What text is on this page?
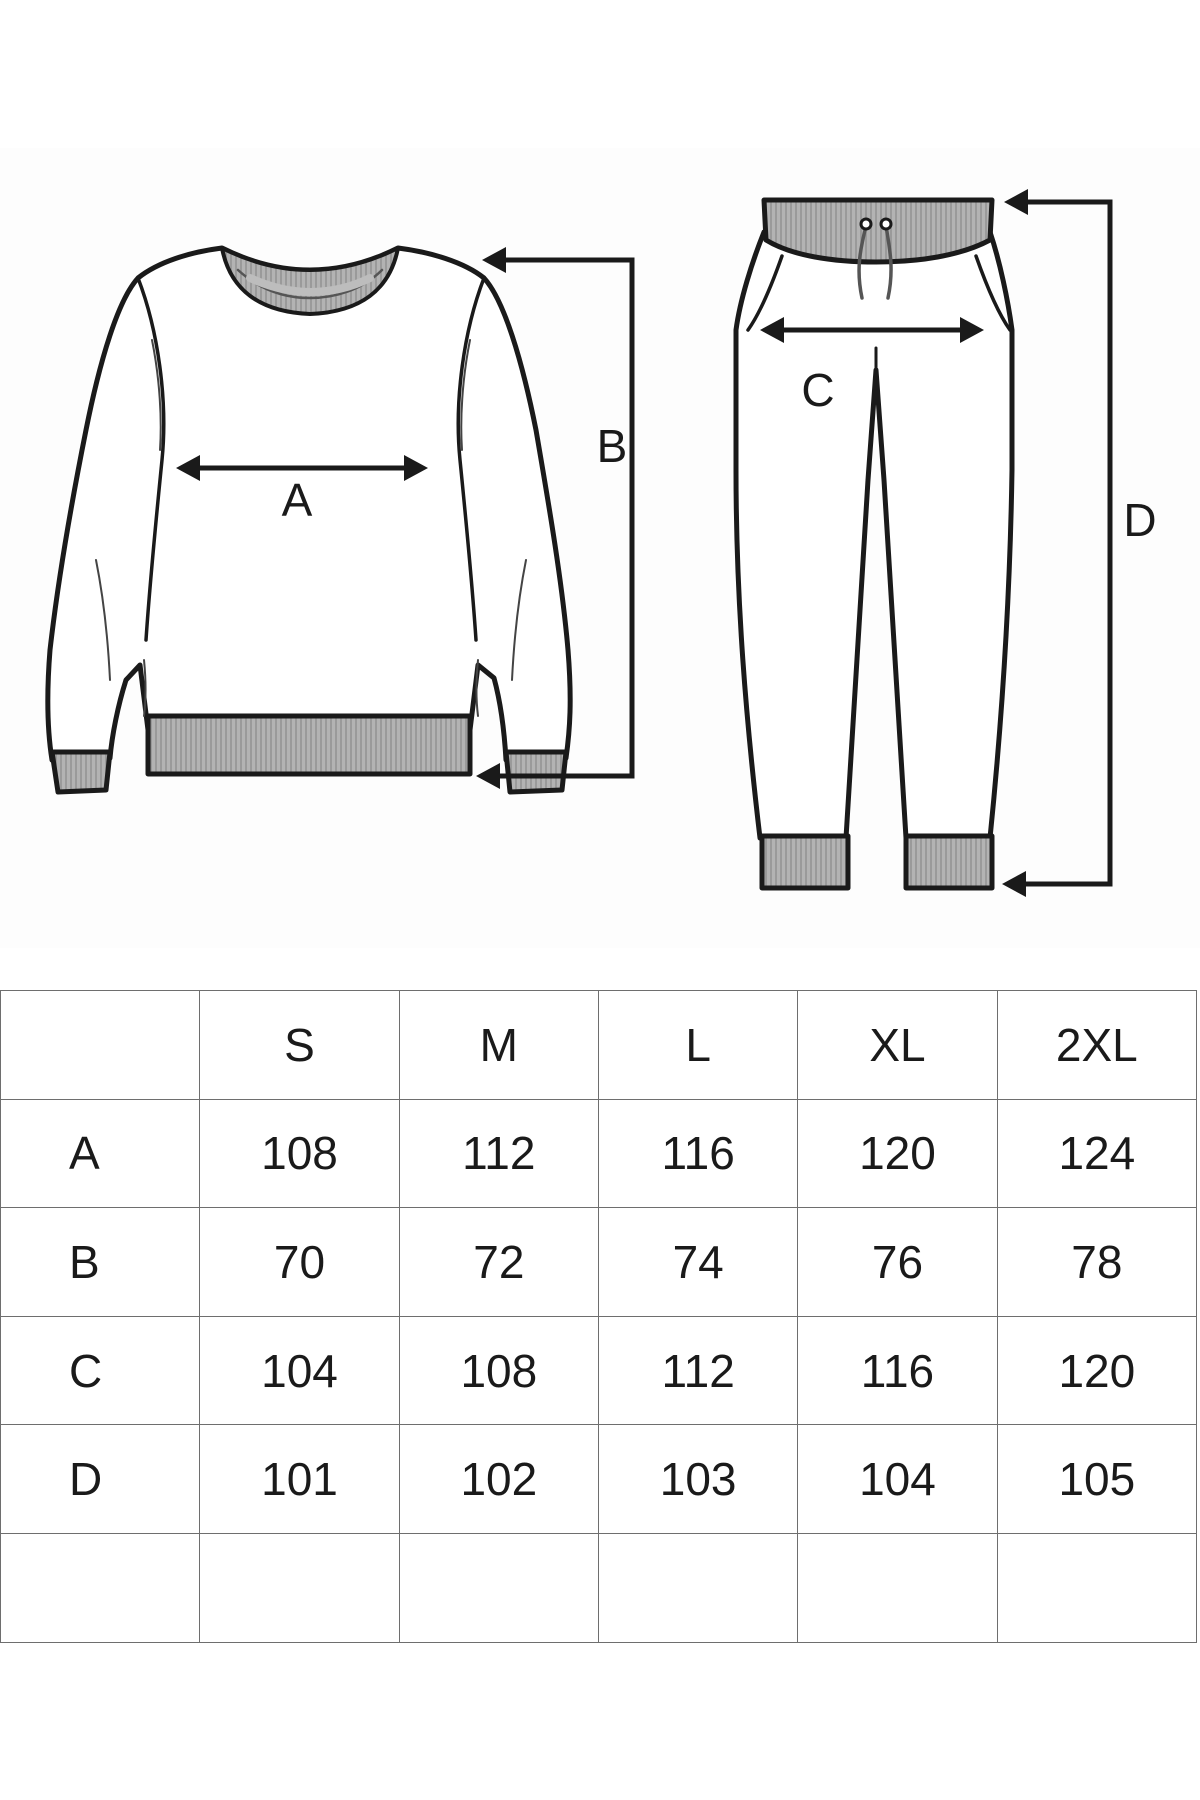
A
B
C
D
	S	M	L	XL	2XL
A	108	112	116	120	124
B	70	72	74	76	78
C	104	108	112	116	120
D	101	102	103	104	105
